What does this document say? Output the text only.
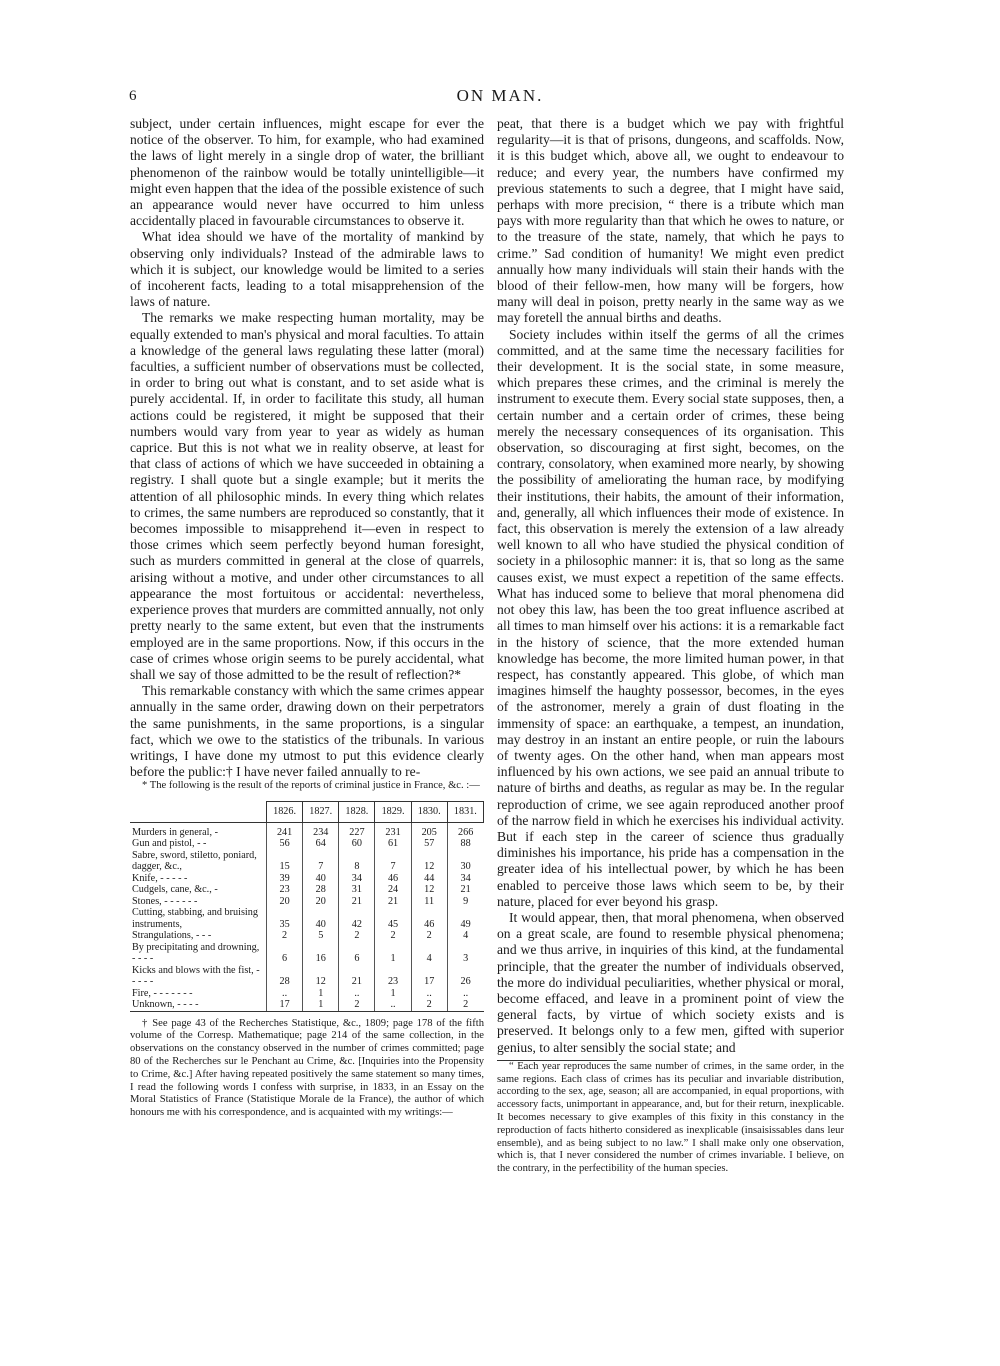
6	ON MAN.

subject, under certain influences, might escape for ever the notice of the observer. To him, for example, who had examined the laws of light merely in a single drop of water, the brilliant phenomenon of the rainbow would be totally unintelligible—it might even happen that the idea of the possible existence of such an appearance would never have occurred to him unless accidentally placed in favourable circumstances to observe it.

What idea should we have of the mortality of mankind by observing only individuals? Instead of the admirable laws to which it is subject, our knowledge would be limited to a series of incoherent facts, leading to a total misapprehension of the laws of nature.

The remarks we make respecting human mortality, may be equally extended to man's physical and moral faculties. To attain a knowledge of the general laws regulating these latter (moral) faculties, a sufficient number of observations must be collected, in order to bring out what is constant, and to set aside what is purely accidental. If, in order to facilitate this study, all human actions could be registered, it might be supposed that their numbers would vary from year to year as widely as human caprice. But this is not what we in reality observe, at least for that class of actions of which we have succeeded in obtaining a registry. I shall quote but a single example; but it merits the attention of all philosophic minds. In every thing which relates to crimes, the same numbers are reproduced so constantly, that it becomes impossible to misapprehend it—even in respect to those crimes which seem perfectly beyond human foresight, such as murders committed in general at the close of quarrels, arising without a motive, and under other circumstances to all appearance the most fortuitous or accidental: nevertheless, experience proves that murders are committed annually, not only pretty nearly to the same extent, but even that the instruments employed are in the same proportions. Now, if this occurs in the case of crimes whose origin seems to be purely accidental, what shall we say of those admitted to be the result of reflection?*

This remarkable constancy with which the same crimes appear annually in the same order, drawing down on their perpetrators the same punishments, in the same proportions, is a singular fact, which we owe to the statistics of the tribunals. In various writings, I have done my utmost to put this evidence clearly before the public:† I have never failed annually to re-

* The following is the result of the reports of criminal justice in France, &c. :—

	1826.	1827.	1828.	1829.	1830.	1831.
Murders in general, -	241	234	227	231	205	266
Gun and pistol, - -	56	64	60	61	57	88
Sabre, sword, stiletto, poniard, dagger, &c.,	15	7	8	7	12	30
Knife, - - - - -	39	40	34	46	44	34
Cudgels, cane, &c., -	23	28	31	24	12	21
Stones, - - - - - -	20	20	21	21	11	9
Cutting, stabbing, and bruising instruments,	35	40	42	45	46	49
Strangulations, - - -	2	5	2	2	2	4
By precipitating and drowning, - - - -	6	16	6	1	4	3
Kicks and blows with the fist, - - - - -	28	12	21	23	17	26
Fire, - - - - - - -	..	1	..	1	..	..
Unknown, - - - -	17	1	2	..	2	2

† See page 43 of the Recherches Statistique, &c., 1809; page 178 of the fifth volume of the Corresp. Mathematique; page 214 of the same collection, in the observations on the constancy observed in the number of crimes committed; page 80 of the Recherches sur le Penchant au Crime, &c. [Inquiries into the Propensity to Crime, &c.] After having repeated positively the same statement so many times, I read the following words I confess with surprise, in 1833, in an Essay on the Moral Statistics of France (Statistique Morale de la France), the author of which honours me with his correspondence, and is acquainted with my writings:—

peat, that there is a budget which we pay with frightful regularity—it is that of prisons, dungeons, and scaffolds. Now, it is this budget which, above all, we ought to endeavour to reduce; and every year, the numbers have confirmed my previous statements to such a degree, that I might have said, perhaps with more precision, “ there is a tribute which man pays with more regularity than that which he owes to nature, or to the treasure of the state, namely, that which he pays to crime.” Sad condition of humanity! We might even predict annually how many individuals will stain their hands with the blood of their fellow-men, how many will be forgers, how many will deal in poison, pretty nearly in the same way as we may foretell the annual births and deaths.

Society includes within itself the germs of all the crimes committed, and at the same time the necessary facilities for their development. It is the social state, in some measure, which prepares these crimes, and the criminal is merely the instrument to execute them. Every social state supposes, then, a certain number and a certain order of crimes, these being merely the necessary consequences of its organisation. This observation, so discouraging at first sight, becomes, on the contrary, consolatory, when examined more nearly, by showing the possibility of ameliorating the human race, by modifying their institutions, their habits, the amount of their information, and, generally, all which influences their mode of existence. In fact, this observation is merely the extension of a law already well known to all who have studied the physical condition of society in a philosophic manner: it is, that so long as the same causes exist, we must expect a repetition of the same effects. What has induced some to believe that moral phenomena did not obey this law, has been the too great influence ascribed at all times to man himself over his actions: it is a remarkable fact in the history of science, that the more extended human knowledge has become, the more limited human power, in that respect, has constantly appeared. This globe, of which man imagines himself the haughty possessor, becomes, in the eyes of the astronomer, merely a grain of dust floating in the immensity of space: an earthquake, a tempest, an inundation, may destroy in an instant an entire people, or ruin the labours of twenty ages. On the other hand, when man appears most influenced by his own actions, we see paid an annual tribute to nature of births and deaths, as regular as may be. In the regular reproduction of crime, we see again reproduced another proof of the narrow field in which he exercises his individual activity. But if each step in the career of science thus gradually diminishes his importance, his pride has a compensation in the greater idea of his intellectual power, by which he has been enabled to perceive those laws which seem to be, by their nature, placed for ever beyond his grasp.

It would appear, then, that moral phenomena, when observed on a great scale, are found to resemble physical phenomena; and we thus arrive, in inquiries of this kind, at the fundamental principle, that the greater the number of individuals observed, the more do individual peculiarities, whether physical or moral, become effaced, and leave in a prominent point of view the general facts, by virtue of which society exists and is preserved. It belongs only to a few men, gifted with superior genius, to alter sensibly the social state; and

“ Each year reproduces the same number of crimes, in the same order, in the same regions. Each class of crimes has its peculiar and invariable distribution, according to the sex, age, season; all are accompanied, in equal proportions, with accessory facts, unimportant in appearance, and, but for their return, inexplicable. It becomes necessary to give examples of this fixity in this constancy in the reproduction of facts hitherto considered as inexplicable (insaisissables dans leur ensemble), and as being subject to no law.” I shall make only one observation, which is, that I never considered the number of crimes invariable. I believe, on the contrary, in the perfectibility of the human species.
